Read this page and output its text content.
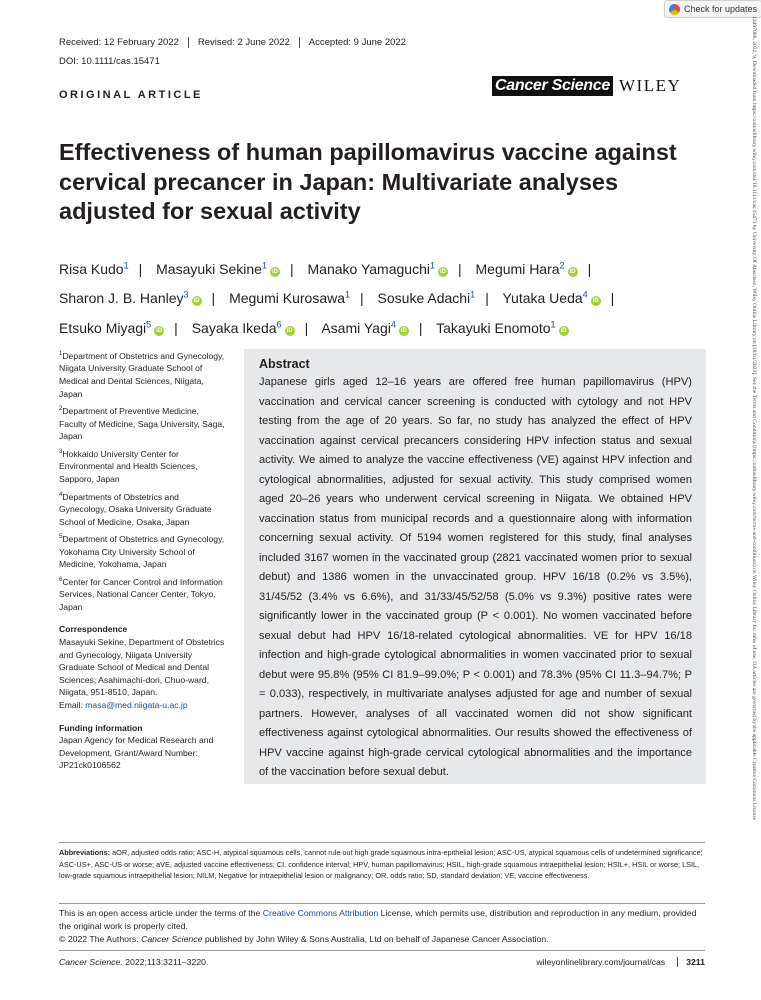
Check for updates
13497006, 2022, 9, Downloaded from https://onlinelibrary.wiley.com/doi/10.1111/cas.15471 by University Of Aberdeen, Wiley Online Library on [18/01/2023]. See the Terms and Conditions (https://onlinelibrary.wiley.com/terms-and-conditions) on Wiley Online Library for rules of use; OA articles are governed by the applicable Creative Commons License
Received: 12 February 2022	Revised: 2 June 2022	Accepted: 9 June 2022
DOI: 10.1111/cas.15471
ORIGINAL ARTICLE
Cancer Science WILEY
Effectiveness of human papillomavirus vaccine against cervical precancer in Japan: Multivariate analyses adjusted for sexual activity
Risa Kudo$^1$ | Masayuki Sekine$^1$iD | Manako Yamaguchi$^1$iD | Megumi Hara$^2$iD | Sharon J. B. Hanley$^3$iD | Megumi Kurosawa$^1$ | Sosuke Adachi$^1$ | Yutaka Ueda$^4$iD | Etsuko Miyagi$^5$iD | Sayaka Ikeda$^6$iD | Asami Yagi$^4$iD | Takayuki Enomoto$^1$iD
$^1$Department of Obstetrics and Gynecology, Niigata University Graduate School of Medical and Dental Sciences, Niigata, Japan
$^2$Department of Preventive Medicine, Faculty of Medicine, Saga University, Saga, Japan
$^3$Hokkaido University Center for Environmental and Health Sciences, Sapporo, Japan
$^4$Departments of Obstetrics and Gynecology, Osaka University Graduate School of Medicine, Osaka, Japan
$^5$Department of Obstetrics and Gynecology, Yokohama City University School of Medicine, Yokohama, Japan
$^6$Center for Cancer Control and Information Services, National Cancer Center, Tokyo, Japan
Correspondence
Masayuki Sekine, Department of Obstetrics and Gynecology, Niigata University Graduate School of Medical and Dental Sciences; Asahimachi-dori, Chuo-ward, Niigata, 951-8510, Japan.
Email: masa@med.niigata-u.ac.jp
Funding information
Japan Agency for Medical Research and Development, Grant/Award Number: JP21ck0106562
Abstract

Japanese girls aged 12–16 years are offered free human papillomavirus (HPV) vaccination and cervical cancer screening is conducted with cytology and not HPV testing from the age of 20 years. So far, no study has analyzed the effect of HPV vaccination against cervical precancers considering HPV infection status and sexual activity. We aimed to analyze the vaccine effectiveness (VE) against HPV infection and cytological abnormalities, adjusted for sexual activity. This study comprised women aged 20–26 years who underwent cervical screening in Niigata. We obtained HPV vaccination status from municipal records and a questionnaire along with information concerning sexual activity. Of 5194 women registered for this study, final analyses included 3167 women in the vaccinated group (2821 vaccinated women prior to sexual debut) and 1386 women in the unvaccinated group. HPV 16/18 (0.2% vs 3.5%), 31/45/52 (3.4% vs 6.6%), and 31/33/45/52/58 (5.0% vs 9.3%) positive rates were significantly lower in the vaccinated group (P < 0.001). No women vaccinated before sexual debut had HPV 16/18-related cytological abnormalities. VE for HPV 16/18 infection and high-grade cytological abnormalities in women vaccinated prior to sexual debut were 95.8% (95% CI 81.9–99.0%; P < 0.001) and 78.3% (95% CI 11.3–94.7%; P = 0.033), respectively, in multivariate analyses adjusted for age and number of sexual partners. However, analyses of all vaccinated women did not show significant effectiveness against cytological abnormalities. Our results showed the effectiveness of HPV vaccine against high-grade cervical cytological abnormalities and the importance of the vaccination before sexual debut.

Abbreviations: aOR, adjusted odds ratio; ASC-H, atypical squamous cells, cannot rule out high grade squamous intra-epithelial lesion; ASC-US, atypical squamous cells of undetermined significance; ASC-US+, ASC-US or worse; aVE, adjusted vaccine effectiveness; CI, confidence interval; HPV, human papillomavirus; HSIL, high-grade squamous intraepithelial lesion; HSIL+, HSIL or worse; LSIL, low-grade squamous intraepithelial lesion; NILM, Negative for intraepithelial lesion or malignancy; OR, odds ratio; SD, standard deviation; VE, vaccine effectiveness.
This is an open access article under the terms of the Creative Commons Attribution License, which permits use, distribution and reproduction in any medium, provided the original work is properly cited.
© 2022 The Authors. Cancer Science published by John Wiley & Sons Australia, Ltd on behalf of Japanese Cancer Association.
Cancer Science. 2022;113:3211–3220.	wileyonlinelibrary.com/journal/cas	3211
